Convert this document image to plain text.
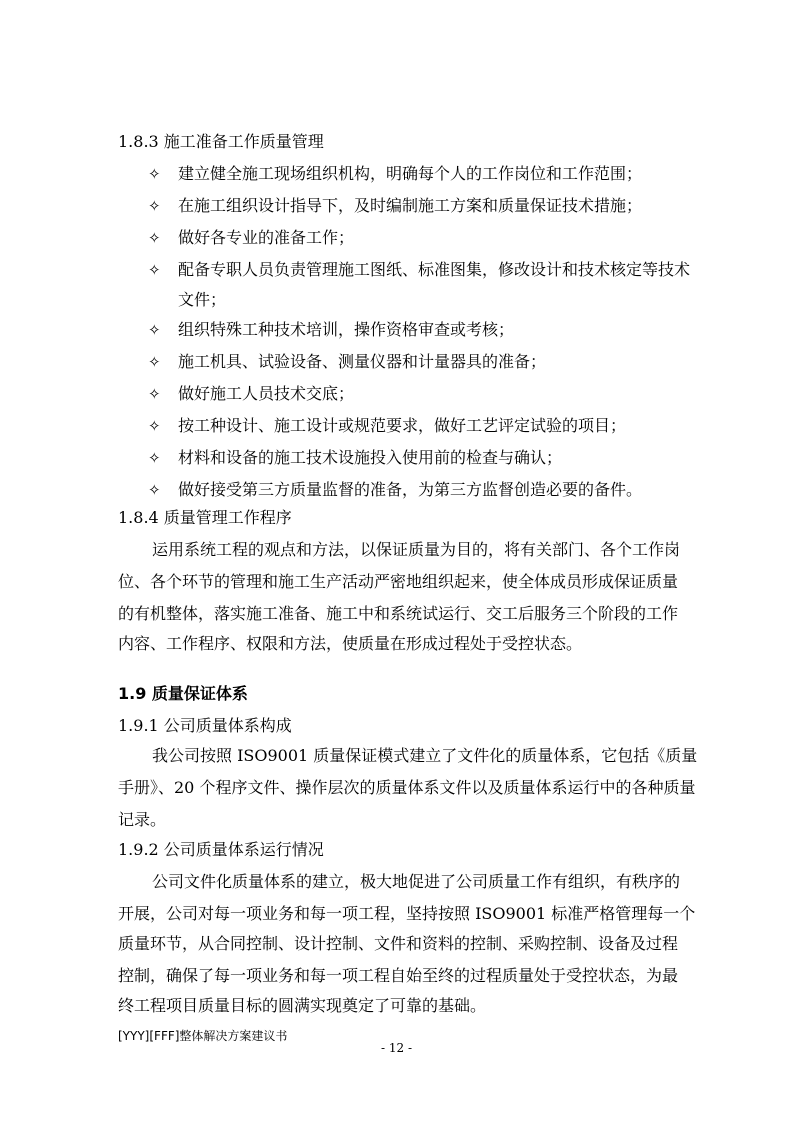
1.8.3 施工准备工作质量管理
✧ 建立健全施工现场组织机构，明确每个人的工作岗位和工作范围；
✧ 在施工组织设计指导下，及时编制施工方案和质量保证技术措施；
✧ 做好各专业的准备工作；
✧ 配备专职人员负责管理施工图纸、标准图集，修改设计和技术核定等技术
文件；
✧ 组织特殊工种技术培训，操作资格审查或考核；
✧ 施工机具、试验设备、测量仪器和计量器具的准备；
✧ 做好施工人员技术交底；
✧ 按工种设计、施工设计或规范要求，做好工艺评定试验的项目；
✧ 材料和设备的施工技术设施投入使用前的检查与确认；
✧ 做好接受第三方质量监督的准备，为第三方监督创造必要的备件。
1.8.4 质量管理工作程序
运用系统工程的观点和方法，以保证质量为目的，将有关部门、各个工作岗
位、各个环节的管理和施工生产活动严密地组织起来，使全体成员形成保证质量
的有机整体，落实施工准备、施工中和系统试运行、交工后服务三个阶段的工作
内容、工作程序、权限和方法，使质量在形成过程处于受控状态。
1.9 质量保证体系
1.9.1 公司质量体系构成
我公司按照 ISO9001 质量保证模式建立了文件化的质量体系，它包括《质量
手册》、20 个程序文件、操作层次的质量体系文件以及质量体系运行中的各种质量
记录。
1.9.2 公司质量体系运行情况
公司文件化质量体系的建立，极大地促进了公司质量工作有组织，有秩序的
开展，公司对每一项业务和每一项工程，坚持按照 ISO9001 标准严格管理每一个
质量环节，从合同控制、设计控制、文件和资料的控制、采购控制、设备及过程
控制，确保了每一项业务和每一项工程自始至终的过程质量处于受控状态，为最
终工程项目质量目标的圆满实现奠定了可靠的基础。
[YYY][FFF]整体解决方案建议书
- 12 -
